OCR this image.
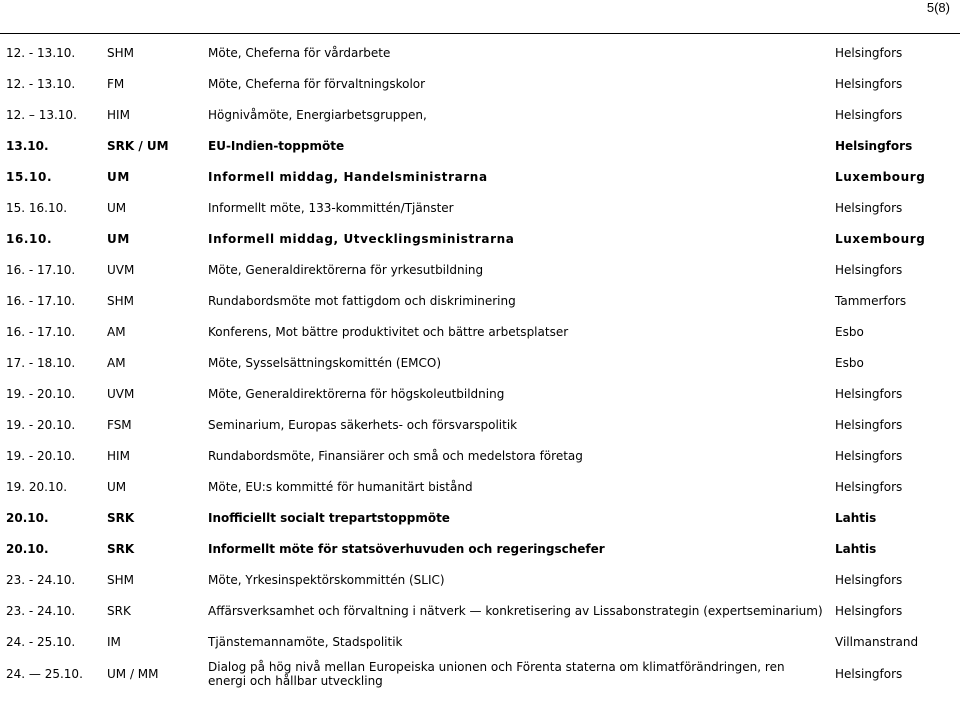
5(8)
12. - 13.10.	SHM	Möte, Cheferna för vårdarbete	Helsingfors
12. - 13.10.	FM	Möte, Cheferna för förvaltningskolor	Helsingfors
12. – 13.10.	HIM	Högnivåmöte, Energiarbetsgruppen,	Helsingfors
13.10.	SRK / UM	EU-Indien-toppmöte	Helsingfors
15.10.	UM	Informell middag, Handelsministrarna	Luxembourg
15. 16.10.	UM	Informellt möte, 133-kommittén/Tjänster	Helsingfors
16.10.	UM	Informell middag, Utvecklingsministrarna	Luxembourg
16. - 17.10.	UVM	Möte, Generaldirektörerna för yrkesutbildning	Helsingfors
16. - 17.10.	SHM	Rundabordsmöte mot fattigdom och diskriminering	Tammerfors
16. - 17.10.	AM	Konferens, Mot bättre produktivitet och bättre arbetsplatser	Esbo
17. - 18.10.	AM	Möte, Sysselsättningskomittén (EMCO)	Esbo
19. - 20.10.	UVM	Möte, Generaldirektörerna för högskoleutbildning	Helsingfors
19. - 20.10.	FSM	Seminarium, Europas säkerhets- och försvarspolitik	Helsingfors
19. - 20.10.	HIM	Rundabordsmöte, Finansiärer och små och medelstora företag	Helsingfors
19. 20.10.	UM	Möte, EU:s kommitté för humanitärt bistånd	Helsingfors
20.10.	SRK	Inofficiellt socialt trepartstoppmöte	Lahtis
20.10.	SRK	Informellt möte för statsöverhuvuden och regeringschefer	Lahtis
23. - 24.10.	SHM	Möte, Yrkesinspektörskommittén (SLIC)	Helsingfors
23. - 24.10.	SRK	Affärsverksamhet och förvaltning i nätverk — konkretisering av Lissabonstrategin (expertseminarium)	Helsingfors
24. - 25.10.	IM	Tjänstemannamöte, Stadspolitik	Villmanstrand
24. — 25.10.	UM / MM	Dialog på hög nivå mellan Europeiska unionen och Förenta staterna om klimatförändringen, ren energi och hållbar utveckling	Helsingfors
